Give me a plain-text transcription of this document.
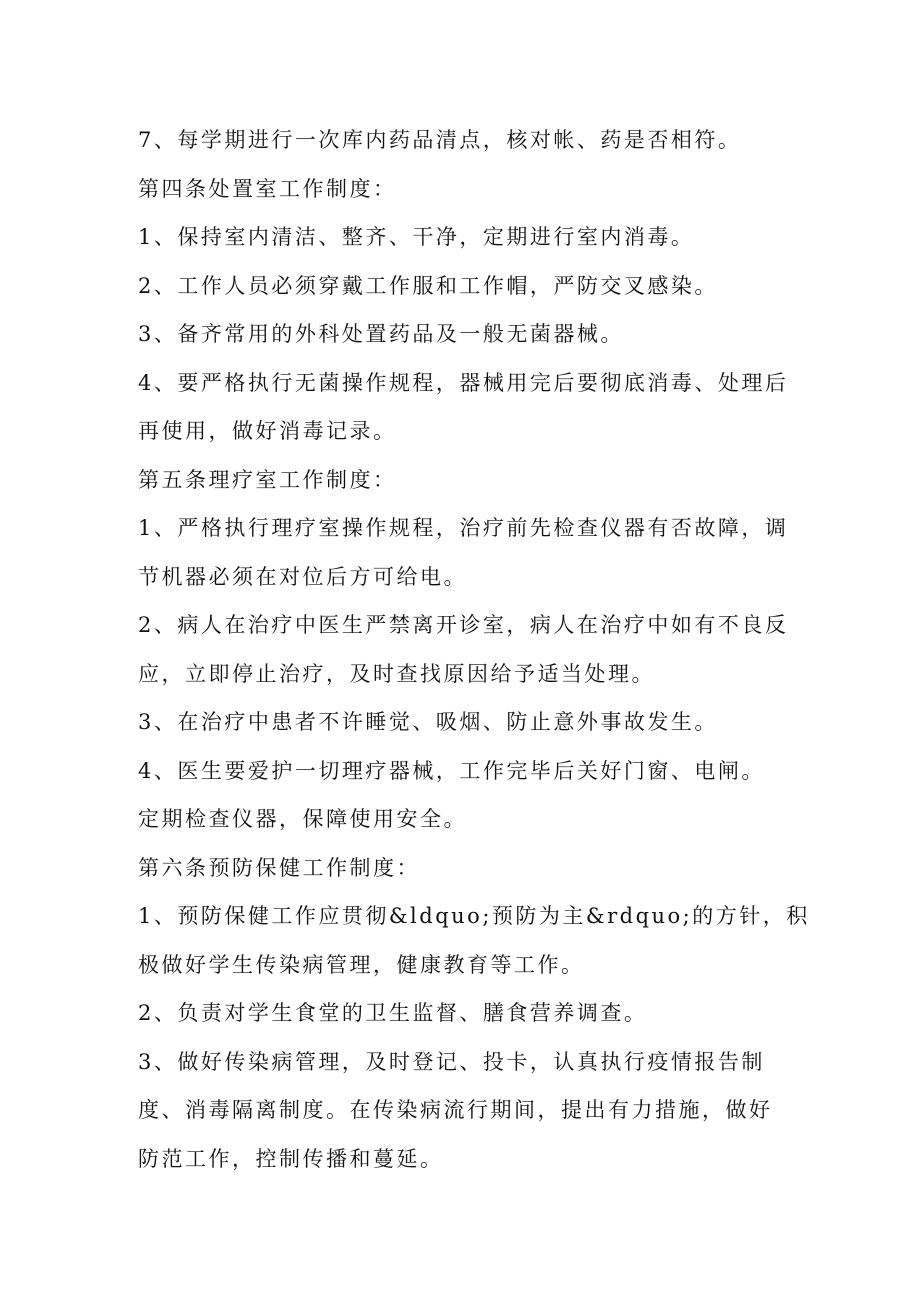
7、每学期进行一次库内药品清点，核对帐、药是否相符。
第四条处置室工作制度：
1、保持室内清洁、整齐、干净，定期进行室内消毒。
2、工作人员必须穿戴工作服和工作帽，严防交叉感染。
3、备齐常用的外科处置药品及一般无菌器械。
4、要严格执行无菌操作规程，器械用完后要彻底消毒、处理后
再使用，做好消毒记录。
第五条理疗室工作制度：
1、严格执行理疗室操作规程，治疗前先检查仪器有否故障，调
节机器必须在对位后方可给电。
2、病人在治疗中医生严禁离开诊室，病人在治疗中如有不良反
应，立即停止治疗，及时查找原因给予适当处理。
3、在治疗中患者不许睡觉、吸烟、防止意外事故发生。
4、医生要爱护一切理疗器械，工作完毕后关好门窗、电闸。
定期检查仪器，保障使用安全。
第六条预防保健工作制度：
1、预防保健工作应贯彻&ldquo;预防为主&rdquo;的方针，积
极做好学生传染病管理，健康教育等工作。
2、负责对学生食堂的卫生监督、膳食营养调查。
3、做好传染病管理，及时登记、投卡，认真执行疫情报告制
度、消毒隔离制度。在传染病流行期间，提出有力措施，做好
防范工作，控制传播和蔓延。
